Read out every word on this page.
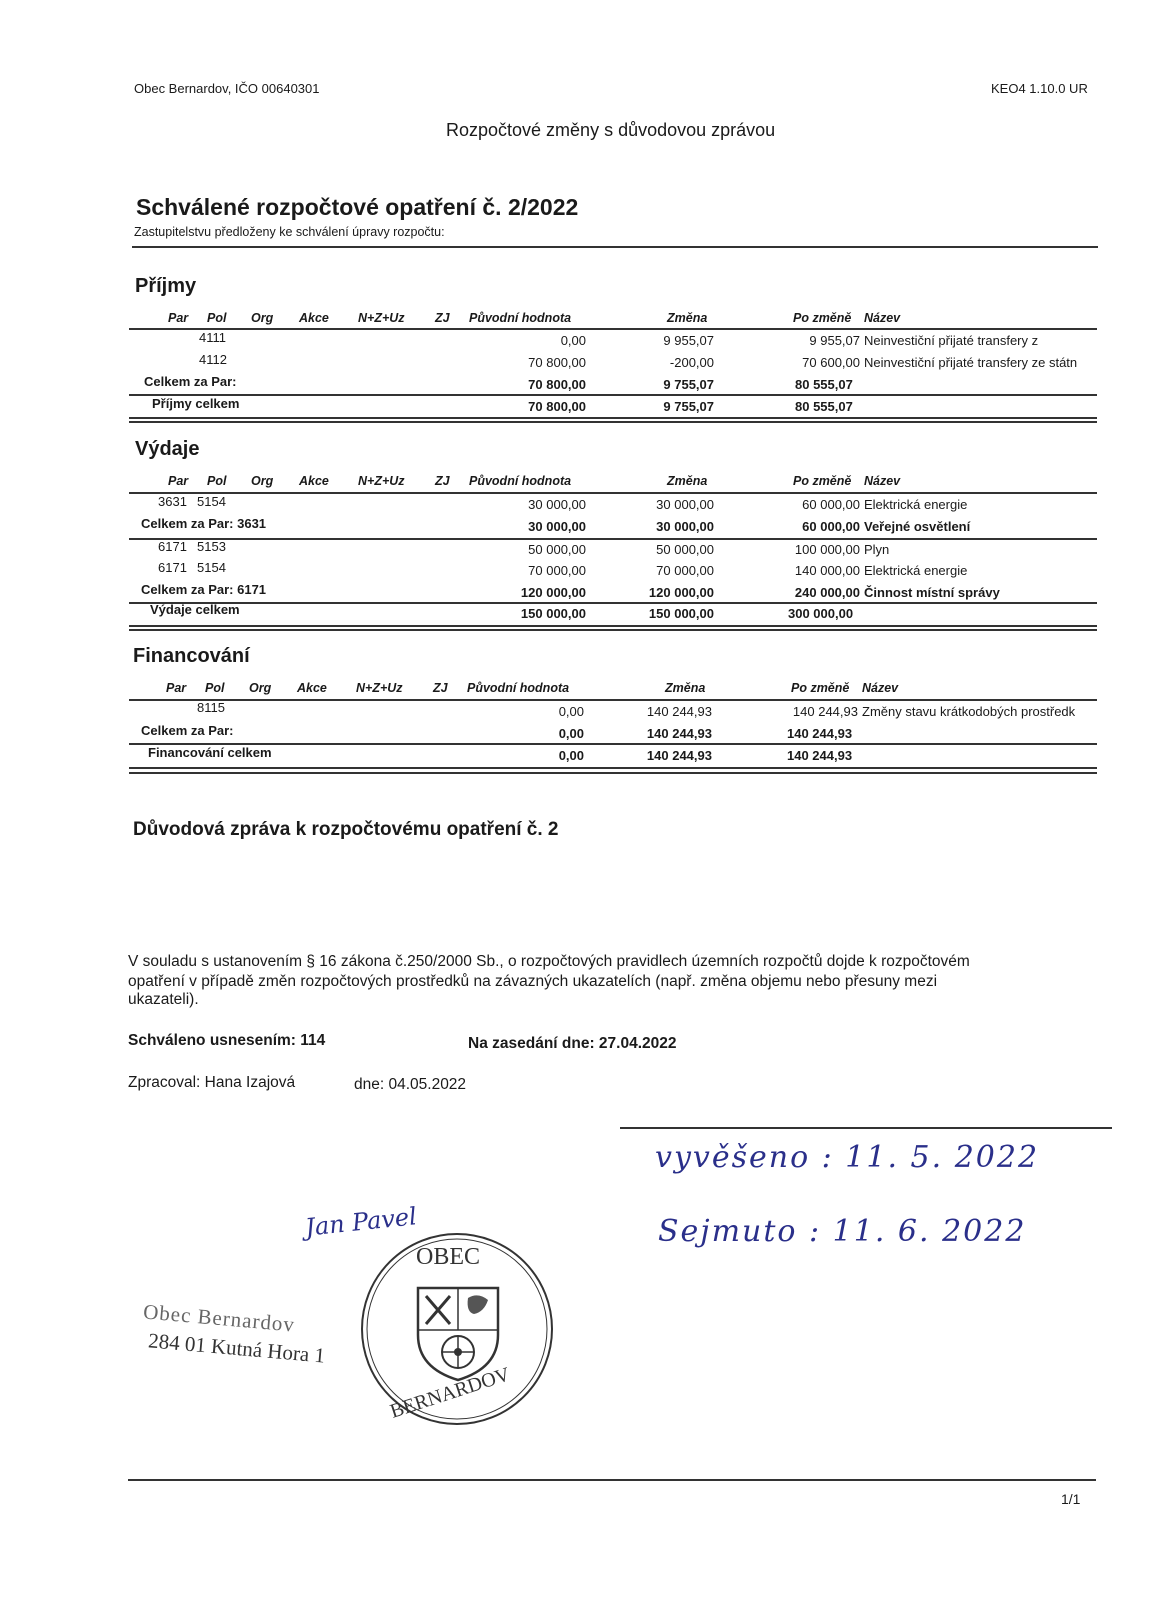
Obec Bernardov, IČO 00640301	KEO4 1.10.0 UR
Rozpočtové změny s důvodovou zprávou
Schválené rozpočtové opatření č. 2/2022
Zastupitelstvu předloženy ke schválení úpravy rozpočtu:
Příjmy
Par Pol Org Akce N+Z+Uz ZJ Původní hodnota	Změna	Po změně Název
4111	0,00	9 955,07	9 955,07 Neinvestiční přijaté transfery z
4112	70 800,00	-200,00	70 600,00 Neinvestiční přijaté transfery ze státn
Celkem za Par:	70 800,00	9 755,07	80 555,07
Příjmy celkem	70 800,00	9 755,07	80 555,07
Výdaje
Par Pol Org Akce N+Z+Uz ZJ Původní hodnota	Změna	Po změně Název
3631 5154	30 000,00	30 000,00	60 000,00 Elektrická energie
Celkem za Par: 3631	30 000,00	30 000,00	60 000,00 Veřejné osvětlení
6171 5153	50 000,00	50 000,00	100 000,00 Plyn
6171 5154	70 000,00	70 000,00	140 000,00 Elektrická energie
Celkem za Par: 6171	120 000,00	120 000,00	240 000,00 Činnost místní správy
Výdaje celkem	150 000,00	150 000,00	300 000,00
Financování
Par Pol Org Akce N+Z+Uz ZJ Původní hodnota	Změna	Po změně Název
8115	0,00	140 244,93	140 244,93 Změny stavu krátkodobých prostředk
Celkem za Par:	0,00	140 244,93	140 244,93
Financování celkem	0,00	140 244,93	140 244,93
Důvodová zpráva k rozpočtovému opatření č. 2
V souladu s ustanovením § 16 zákona č.250/2000 Sb., o rozpočtových pravidlech územních rozpočtů dojde k rozpočtovém
opatření v případě změn rozpočtových prostředků na závazných ukazatelích (např. změna objemu nebo přesuny mezi
ukazateli).
Schváleno usnesením: 114	Na zasedání dne: 27.04.2022
Zpracoval: Hana Izajová	dne: 04.05.2022
vyvěšeno : 11. 5. 2022
Sejmuto : 11. 6. 2022
Jan Pavel
Obec Bernardov
284 01 Kutná Hora 1
OBEC
BERNARDOV
1/1
